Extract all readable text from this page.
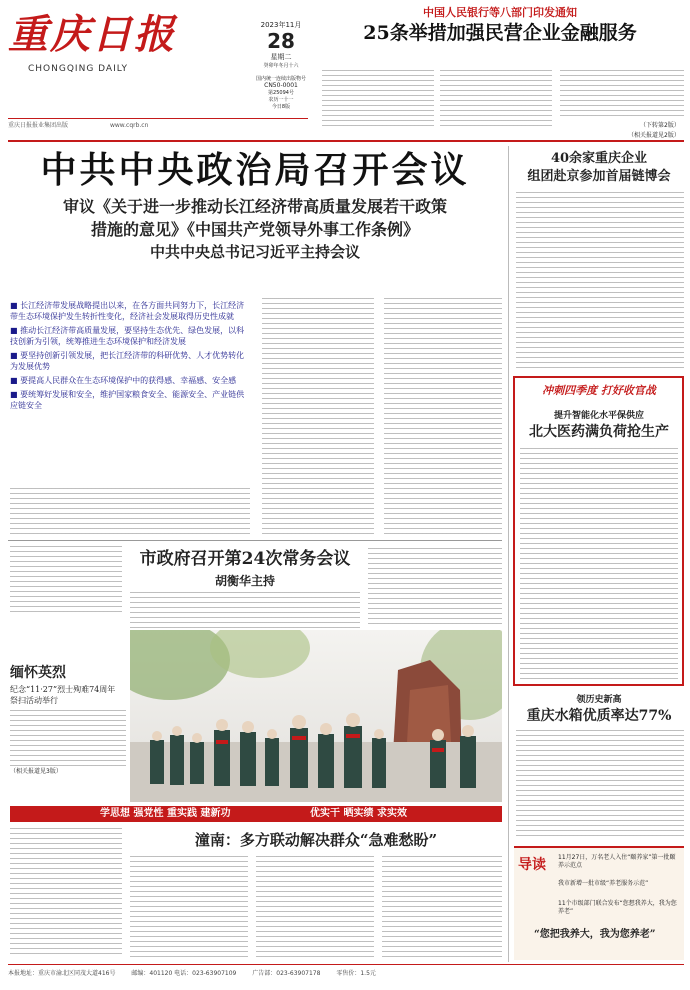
重庆日报
CHONGQING DAILY
2023年11月
28
星期二
癸卯年冬月十六
国内统一连续出版物号
CN50-0001
第25094号
农历一十一
今日8版
重庆日报报业集团出版	www.cqrb.cn
中国人民银行等八部门印发通知
25条举措加强民营企业金融服务
（下转第2版）
（相关报道见2版）
中共中央政治局召开会议
审议《关于进一步推动长江经济带高质量发展若干政策
措施的意见》《中国共产党领导外事工作条例》
中共中央总书记习近平主持会议
■ 长江经济带发展战略提出以来，在各方面共同努力下，长江经济带生态环境保护发生转折性变化，经济社会发展取得历史性成就
■ 推动长江经济带高质量发展，要坚持生态优先、绿色发展，以科技创新为引领，统筹推进生态环境保护和经济发展
■ 要坚持创新引领发展，把长江经济带的科研优势、人才优势转化为发展优势
■ 要提高人民群众在生态环境保护中的获得感、幸福感、安全感
■ 要统筹好发展和安全，维护国家粮食安全、能源安全、产业链供应链安全
市政府召开第24次常务会议
胡衡华主持
缅怀英烈
纪念“11·27”烈士殉难74周年
祭扫活动举行
（相关报道见3版）
学思想 强党性 重实践 建新功	优实干 晒实绩 求实效
潼南：多方联动解决群众“急难愁盼”
40余家重庆企业
组团赴京参加首届链博会
冲刺四季度 打好收官战
提升智能化水平保供应
北大医药满负荷抢生产
领历史新高
重庆水箱优质率达77%
导读 11月27日，万名老人入住“颐养家”第一批颐养示范点
我市新增一批市级“养老服务示范”
11个市级部门联合发布“您想我养大，我为您养老”
“您把我养大，我为您养老”
本报地址：重庆市渝北区同茂大道416号	邮编：401120 电话：023-63907109	广告部：023-63907178	零售价：1.5元
